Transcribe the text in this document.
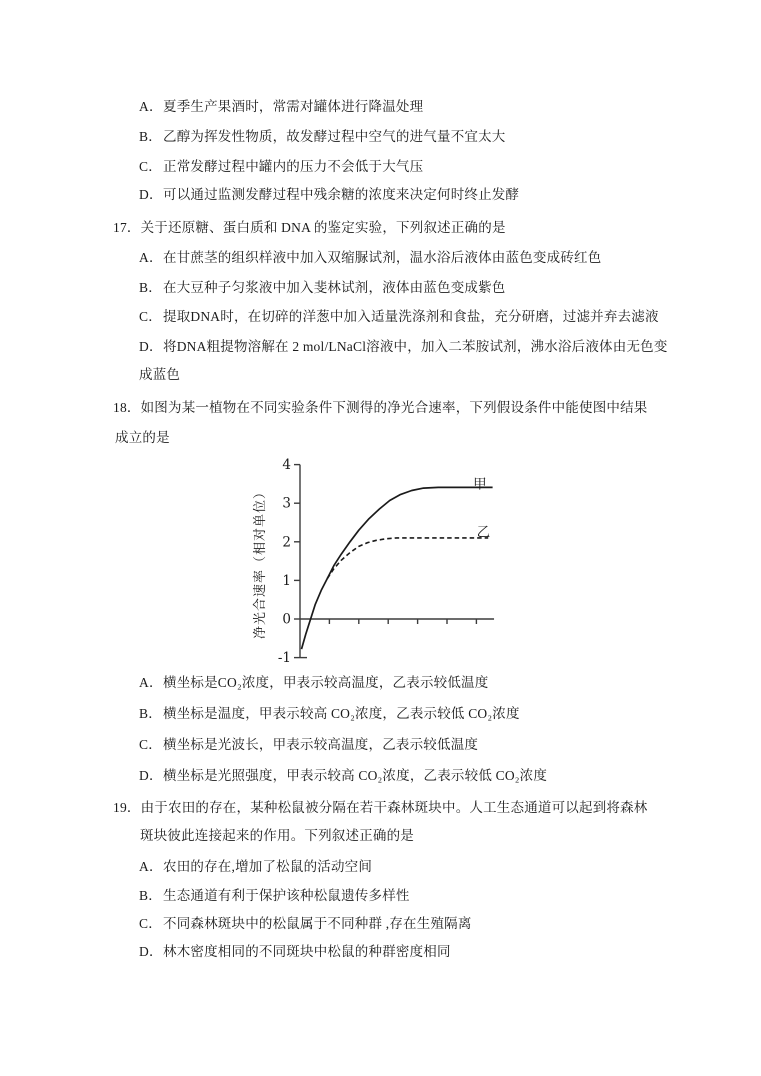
A．夏季生产果酒时，常需对罐体进行降温处理
B．乙醇为挥发性物质，故发酵过程中空气的进气量不宜太大
C．正常发酵过程中罐内的压力不会低于大气压
D．可以通过监测发酵过程中残余糖的浓度来决定何时终止发酵
17．关于还原糖、蛋白质和 DNA 的鉴定实验，下列叙述正确的是
A．在甘蔗茎的组织样液中加入双缩脲试剂，温水浴后液体由蓝色变成砖红色
B．在大豆种子匀浆液中加入斐林试剂，液体由蓝色变成紫色
C．提取DNA时，在切碎的洋葱中加入适量洗涤剂和食盐，充分研磨，过滤并弃去滤液
D．将DNA粗提物溶解在 2 mol/LNaCl溶液中，加入二苯胺试剂，沸水浴后液体由无色变
成蓝色
18．如图为某一植物在不同实验条件下测得的净光合速率，下列假设条件中能使图中结果
成立的是
4
3
2
1
0
-1
甲
乙
净光合速率（相对单位）
A．横坐标是CO₂浓度，甲表示较高温度，乙表示较低温度
B．横坐标是温度，甲表示较高 CO₂浓度，乙表示较低 CO₂浓度
C．横坐标是光波长，甲表示较高温度，乙表示较低温度
D．横坐标是光照强度，甲表示较高 CO₂浓度，乙表示较低 CO₂浓度
19．由于农田的存在，某种松鼠被分隔在若干森林斑块中。人工生态通道可以起到将森林
斑块彼此连接起来的作用。下列叙述正确的是
A．农田的存在,增加了松鼠的活动空间
B．生态通道有利于保护该种松鼠遗传多样性
C．不同森林斑块中的松鼠属于不同种群 ,存在生殖隔离
D．林木密度相同的不同斑块中松鼠的种群密度相同
